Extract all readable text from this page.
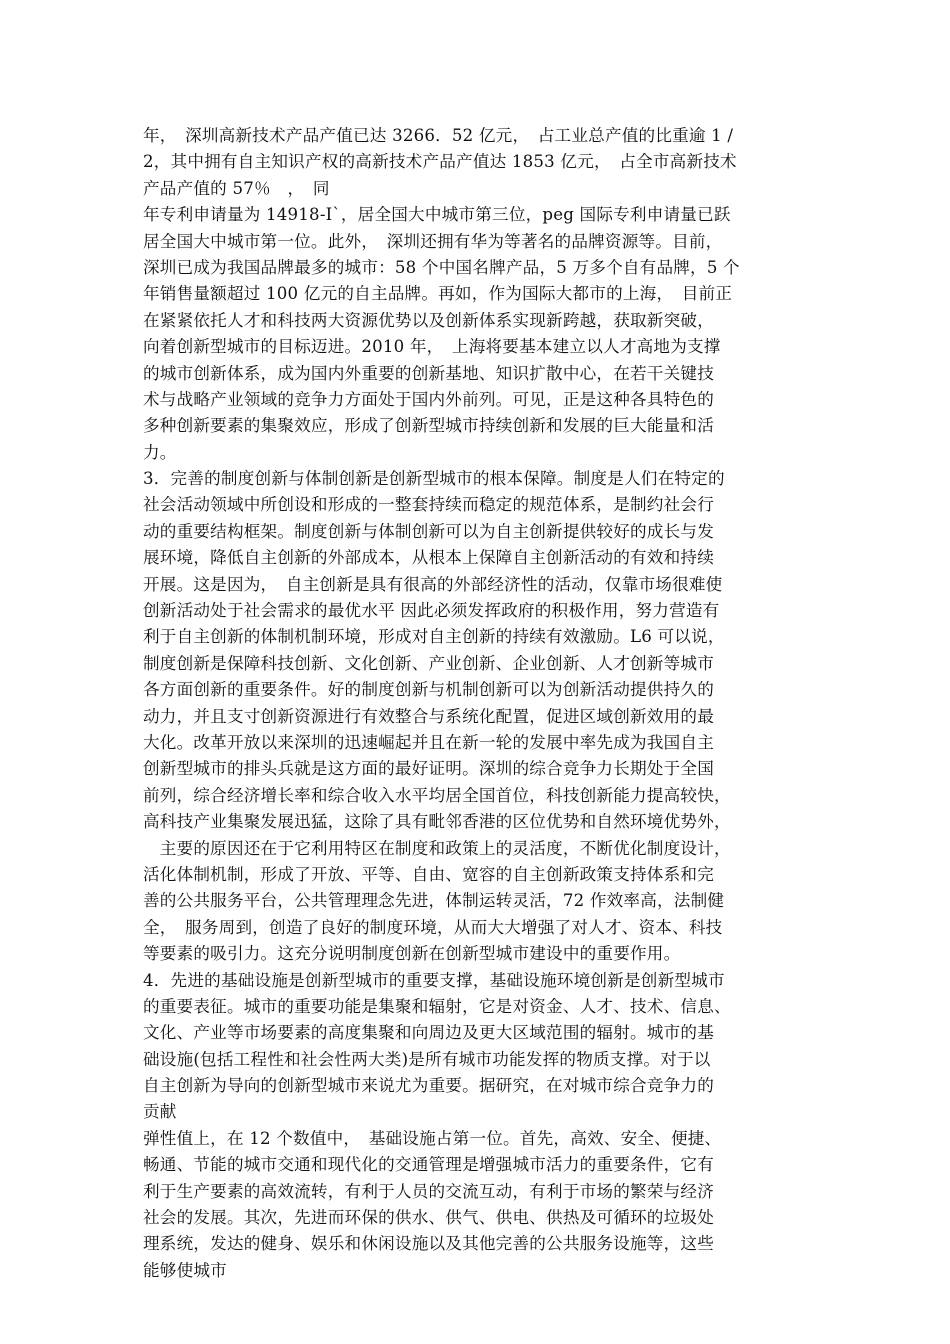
年，　深圳高新技术产品产值已达 3266．52 亿元，　占工业总产值的比重逾 1 /
2，其中拥有自主知识产权的高新技术产品产值达 1853 亿元，　占全市高新技术
产品产值的 57％　，　同
年专利申请量为 14918-I`，居全国大中城市第三位，peg 国际专利申请量已跃
居全国大中城市第一位。此外，　深圳还拥有华为等著名的品牌资源等。目前，
深圳已成为我国品牌最多的城市：58 个中国名牌产品，5 万多个自有品牌，5 个
年销售量额超过 100 亿元的自主品牌。再如，作为国际大都市的上海，　目前正
在紧紧依托人才和科技两大资源优势以及创新体系实现新跨越，获取新突破，
向着创新型城市的目标迈进。2010 年，　上海将要基本建立以人才高地为支撑
的城市创新体系，成为国内外重要的创新基地、知识扩散中心，在若干关键技
术与战略产业领域的竞争力方面处于国内外前列。可见，正是这种各具特色的
多种创新要素的集聚效应，形成了创新型城市持续创新和发展的巨大能量和活
力。
3．完善的制度创新与体制创新是创新型城市的根本保障。制度是人们在特定的
社会活动领域中所创设和形成的一整套持续而稳定的规范体系，是制约社会行
动的重要结构框架。制度创新与体制创新可以为自主创新提供较好的成长与发
展环境，降低自主创新的外部成本，从根本上保障自主创新活动的有效和持续
开展。这是因为，　自主创新是具有很高的外部经济性的活动，仅靠市场很难使
创新活动处于社会需求的最优水平 因此必须发挥政府的积极作用，努力营造有
利于自主创新的体制机制环境，形成对自主创新的持续有效激励。L6 可以说，
制度创新是保障科技创新、文化创新、产业创新、企业创新、人才创新等城市
各方面创新的重要条件。好的制度创新与机制创新可以为创新活动提供持久的
动力，并且支寸创新资源进行有效整合与系统化配置，促进区域创新效用的最
大化。改革开放以来深圳的迅速崛起并且在新一轮的发展中率先成为我国自主
创新型城市的排头兵就是这方面的最好证明。深圳的综合竞争力长期处于全国
前列，综合经济增长率和综合收入水平均居全国首位，科技创新能力提高较快，
高科技产业集聚发展迅猛，这除了具有毗邻香港的区位优势和自然环境优势外，
　主要的原因还在于它利用特区在制度和政策上的灵活度，不断优化制度设计，
活化体制机制，形成了开放、平等、自由、宽容的自主创新政策支持体系和完
善的公共服务平台，公共管理理念先进，体制运转灵活，72 作效率高，法制健
全，　服务周到，创造了良好的制度环境，从而大大增强了对人才、资本、科技
等要素的吸引力。这充分说明制度创新在创新型城市建设中的重要作用。
4．先进的基础设施是创新型城市的重要支撑，基础设施环境创新是创新型城市
的重要表征。城市的重要功能是集聚和辐射，它是对资金、人才、技术、信息、
文化、产业等市场要素的高度集聚和向周边及更大区域范围的辐射。城市的基
础设施(包括工程性和社会性两大类)是所有城市功能发挥的物质支撑。对于以
自主创新为导向的创新型城市来说尤为重要。据研究，在对城市综合竞争力的
贡献
弹性值上，在 12 个数值中，　基础设施占第一位。首先，高效、安全、便捷、
畅通、节能的城市交通和现代化的交通管理是增强城市活力的重要条件，它有
利于生产要素的高效流转，有利于人员的交流互动，有利于市场的繁荣与经济
社会的发展。其次，先进而环保的供水、供气、供电、供热及可循环的垃圾处
理系统，发达的健身、娱乐和休闲设施以及其他完善的公共服务设施等，这些
能够使城市
